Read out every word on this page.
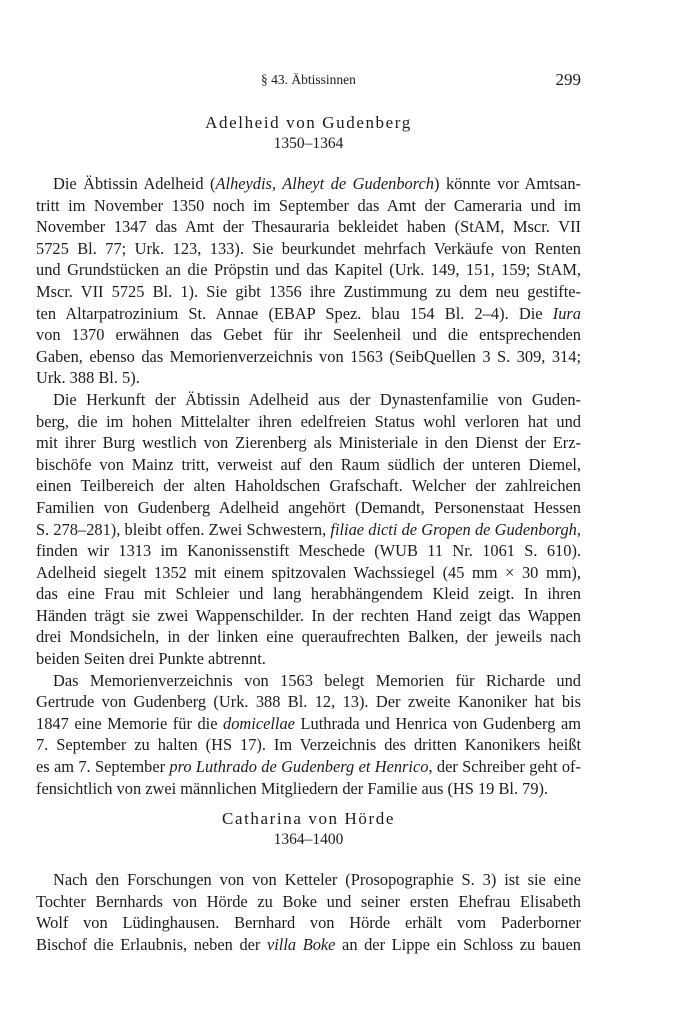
§ 43. Äbtissinnen	299
Adelheid von Gudenberg
1350–1364
Die Äbtissin Adelheid (Alheydis, Alheyt de Gudenborch) könnte vor Amtsan-
tritt im November 1350 noch im September das Amt der Cameraria und im
November 1347 das Amt der Thesauraria bekleidet haben (StAM, Mscr. VII
5725 Bl. 77; Urk. 123, 133). Sie beurkundet mehrfach Verkäufe von Renten
und Grundstücken an die Pröpstin und das Kapitel (Urk. 149, 151, 159; StAM,
Mscr. VII 5725 Bl. 1). Sie gibt 1356 ihre Zustimmung zu dem neu gestifte-
ten Altarpatrozinium St. Annae (EBAP Spez. blau 154 Bl. 2–4). Die Iura
von 1370 erwähnen das Gebet für ihr Seelenheil und die entsprechenden
Gaben, ebenso das Memorienverzeichnis von 1563 (SeibQuellen 3 S. 309, 314;
Urk. 388 Bl. 5).
Die Herkunft der Äbtissin Adelheid aus der Dynastenfamilie von Guden-
berg, die im hohen Mittelalter ihren edelfreien Status wohl verloren hat und
mit ihrer Burg westlich von Zierenberg als Ministeriale in den Dienst der Erz-
bischöfe von Mainz tritt, verweist auf den Raum südlich der unteren Diemel,
einen Teilbereich der alten Haholdschen Grafschaft. Welcher der zahlreichen
Familien von Gudenberg Adelheid angehört (Demandt, Personenstaat Hessen
S. 278–281), bleibt offen. Zwei Schwestern, filiae dicti de Gropen de Gudenborgh,
finden wir 1313 im Kanonissenstift Meschede (WUB 11 Nr. 1061 S. 610).
Adelheid siegelt 1352 mit einem spitzovalen Wachssiegel (45 mm × 30 mm),
das eine Frau mit Schleier und lang herabhängendem Kleid zeigt. In ihren
Händen trägt sie zwei Wappenschilder. In der rechten Hand zeigt das Wappen
drei Mondsicheln, in der linken eine queraufrechten Balken, der jeweils nach
beiden Seiten drei Punkte abtrennt.
Das Memorienverzeichnis von 1563 belegt Memorien für Richarde und
Gertrude von Gudenberg (Urk. 388 Bl. 12, 13). Der zweite Kanoniker hat bis
1847 eine Memorie für die domicellae Luthrada und Henrica von Gudenberg am
7. September zu halten (HS 17). Im Verzeichnis des dritten Kanonikers heißt
es am 7. September pro Luthrado de Gudenberg et Henrico, der Schreiber geht of-
fensichtlich von zwei männlichen Mitgliedern der Familie aus (HS 19 Bl. 79).
Catharina von Hörde
1364–1400
Nach den Forschungen von von Ketteler (Prosopographie S. 3) ist sie eine
Tochter Bernhards von Hörde zu Boke und seiner ersten Ehefrau Elisabeth
Wolf von Lüdinghausen. Bernhard von Hörde erhält vom Paderborner
Bischof die Erlaubnis, neben der villa Boke an der Lippe ein Schloss zu bauen
